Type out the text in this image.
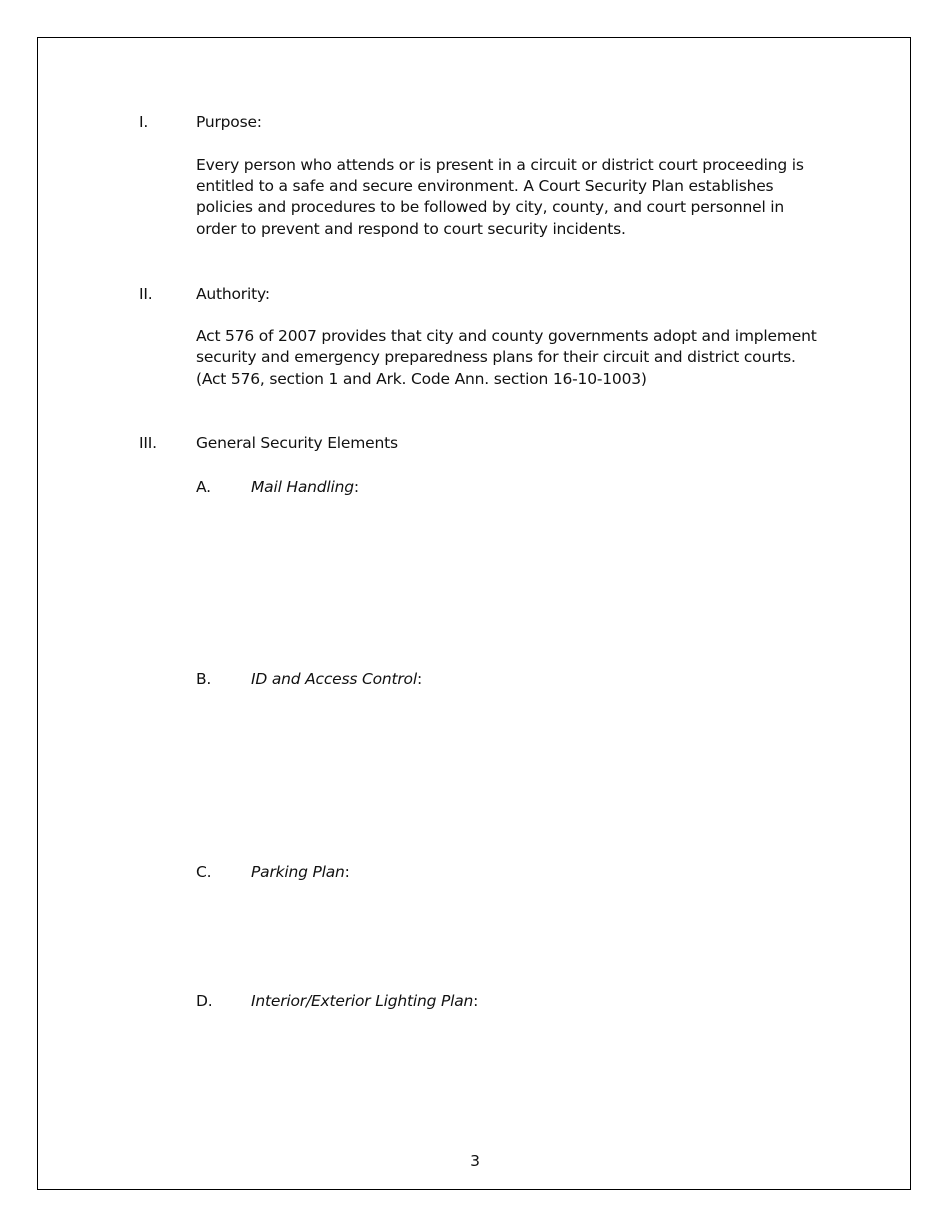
I.	Purpose:
Every person who attends or is present in a circuit or district court proceeding is
entitled to a safe and secure environment. A Court Security Plan establishes
policies and procedures to be followed by city, county, and court personnel in
order to prevent and respond to court security incidents.
II.	Authority:
Act 576 of 2007 provides that city and county governments adopt and implement
security and emergency preparedness plans for their circuit and district courts.
(Act 576, section 1 and Ark. Code Ann. section 16-10-1003)
III.	General Security Elements
A.	Mail Handling:
B.	ID and Access Control:
C.	Parking Plan:
D. Interior/Exterior Lighting Plan:
3
